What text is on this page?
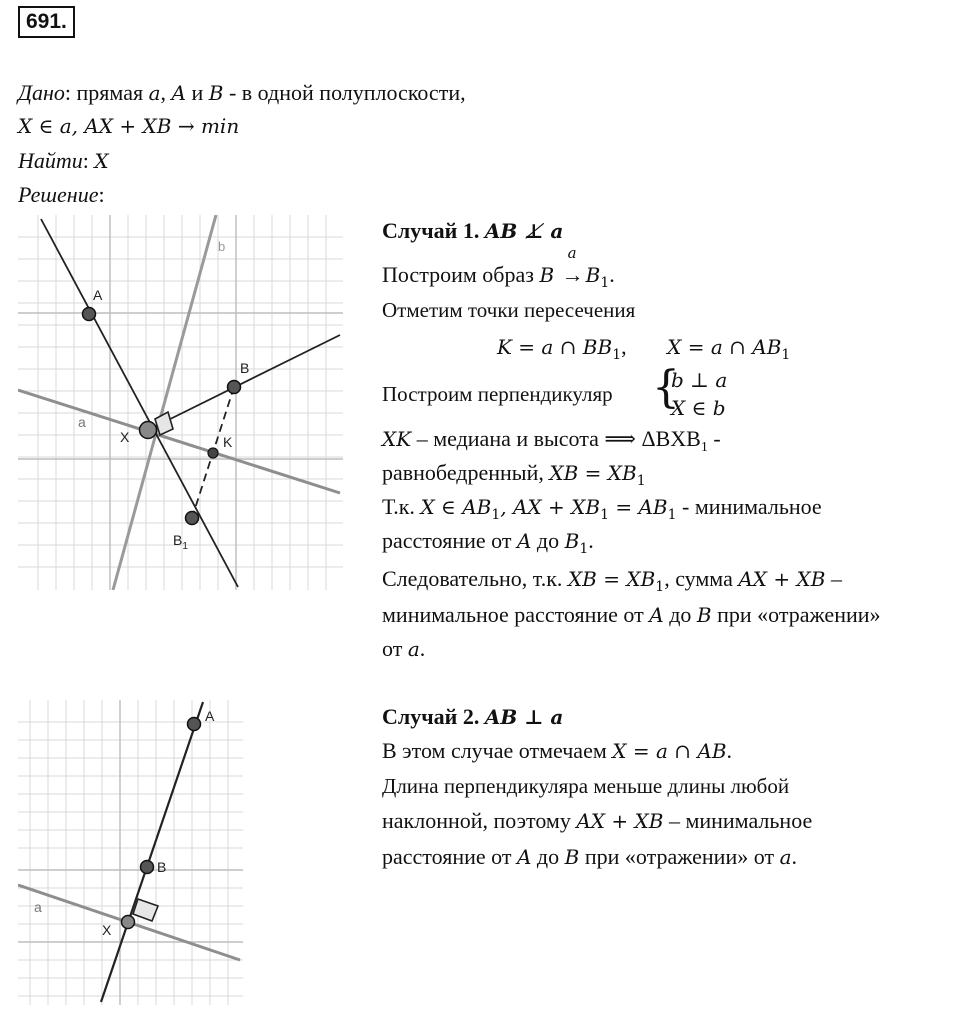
691.
Дано: прямая a, A и B - в одной полуплоскости,
X ∈ a, AX + XB → min
Найти: X
Решение:
A
B
X	K
$B_1$
a
b
Случай 1. AB ⊥̸ a
Построим образ B
a
→ $B_1$.
Отметим точки пересечения
K = a ∩ $BB_1$, X = a ∩ $AB_1$
Построим перпендикуляр {
b ⊥ a
X ∈ b
XK – медиана и высота ⟹ $\Delta BXB_1$ -
равнобедренный, XB = $XB_1$
Т.к. X ∈ $AB_1$, AX + $XB_1 = AB_1$ - минимальное
расстояние от A до $B_1$.
Следовательно, т.к. XB = $XB_1$, сумма AX + XB –
минимальное расстояние от A до B при «отражении»
от a.
A
B
X
a
Случай 2. AB ⊥ a
В этом случае отмечаем X = a ∩ AB.
Длина перпендикуляра меньше длины любой
наклонной, поэтому AX + XB – минимальное
расстояние от A до B при «отражении» от a.
